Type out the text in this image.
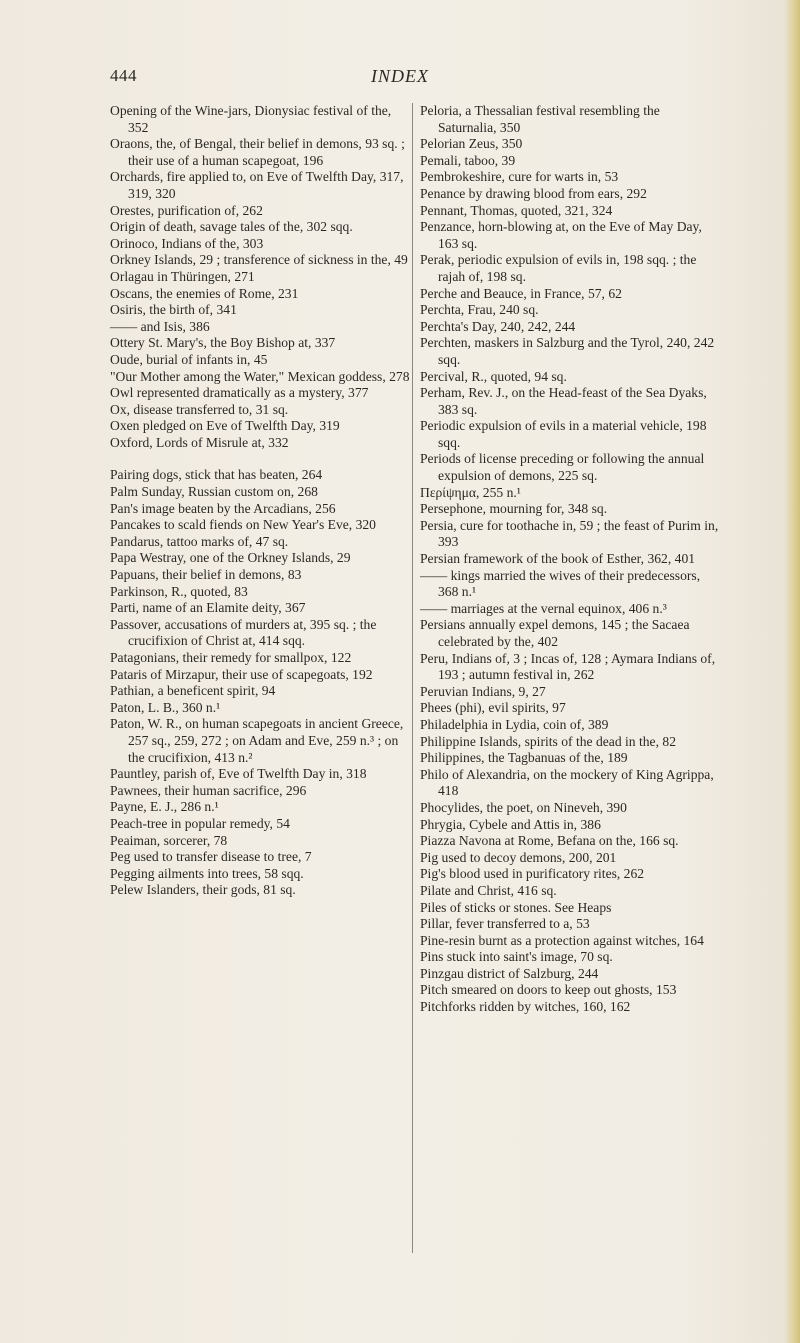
444	INDEX

Opening of the Wine-jars, Dionysiac festival of the, 352

Oraons, the, of Bengal, their belief in demons, 93 sq. ; their use of a human scapegoat, 196

Orchards, fire applied to, on Eve of Twelfth Day, 317, 319, 320

Orestes, purification of, 262

Origin of death, savage tales of the, 302 sqq.

Orinoco, Indians of the, 303

Orkney Islands, 29 ; transference of sickness in the, 49

Orlagau in Thüringen, 271

Oscans, the enemies of Rome, 231

Osiris, the birth of, 341

—— and Isis, 386

Ottery St. Mary's, the Boy Bishop at, 337

Oude, burial of infants in, 45

"Our Mother among the Water," Mexican goddess, 278

Owl represented dramatically as a mystery, 377

Ox, disease transferred to, 31 sq.

Oxen pledged on Eve of Twelfth Day, 319

Oxford, Lords of Misrule at, 332

Pairing dogs, stick that has beaten, 264

Palm Sunday, Russian custom on, 268

Pan's image beaten by the Arcadians, 256

Pancakes to scald fiends on New Year's Eve, 320

Pandarus, tattoo marks of, 47 sq.

Papa Westray, one of the Orkney Islands, 29

Papuans, their belief in demons, 83

Parkinson, R., quoted, 83

Parti, name of an Elamite deity, 367

Passover, accusations of murders at, 395 sq. ; the crucifixion of Christ at, 414 sqq.

Patagonians, their remedy for smallpox, 122

Pataris of Mirzapur, their use of scapegoats, 192

Pathian, a beneficent spirit, 94

Paton, L. B., 360 n.¹

Paton, W. R., on human scapegoats in ancient Greece, 257 sq., 259, 272 ; on Adam and Eve, 259 n.³ ; on the crucifixion, 413 n.²

Pauntley, parish of, Eve of Twelfth Day in, 318

Pawnees, their human sacrifice, 296

Payne, E. J., 286 n.¹

Peach-tree in popular remedy, 54

Peaiman, sorcerer, 78

Peg used to transfer disease to tree, 7

Pegging ailments into trees, 58 sqq.

Pelew Islanders, their gods, 81 sq.

Peloria, a Thessalian festival resembling the Saturnalia, 350

Pelorian Zeus, 350

Pemali, taboo, 39

Pembrokeshire, cure for warts in, 53

Penance by drawing blood from ears, 292

Pennant, Thomas, quoted, 321, 324

Penzance, horn-blowing at, on the Eve of May Day, 163 sq.

Perak, periodic expulsion of evils in, 198 sqq. ; the rajah of, 198 sq.

Perche and Beauce, in France, 57, 62

Perchta, Frau, 240 sq.

Perchta's Day, 240, 242, 244

Perchten, maskers in Salzburg and the Tyrol, 240, 242 sqq.

Percival, R., quoted, 94 sq.

Perham, Rev. J., on the Head-feast of the Sea Dyaks, 383 sq.

Periodic expulsion of evils in a material vehicle, 198 sqq.

Periods of license preceding or following the annual expulsion of demons, 225 sq.

Περίψημα, 255 n.¹

Persephone, mourning for, 348 sq.

Persia, cure for toothache in, 59 ; the feast of Purim in, 393

Persian framework of the book of Esther, 362, 401

—— kings married the wives of their predecessors, 368 n.¹

—— marriages at the vernal equinox, 406 n.³

Persians annually expel demons, 145 ; the Sacaea celebrated by the, 402

Peru, Indians of, 3 ; Incas of, 128 ; Aymara Indians of, 193 ; autumn festival in, 262

Peruvian Indians, 9, 27

Phees (phi), evil spirits, 97

Philadelphia in Lydia, coin of, 389

Philippine Islands, spirits of the dead in the, 82

Philippines, the Tagbanuas of the, 189

Philo of Alexandria, on the mockery of King Agrippa, 418

Phocylides, the poet, on Nineveh, 390

Phrygia, Cybele and Attis in, 386

Piazza Navona at Rome, Befana on the, 166 sq.

Pig used to decoy demons, 200, 201

Pig's blood used in purificatory rites, 262

Pilate and Christ, 416 sq.

Piles of sticks or stones. See Heaps

Pillar, fever transferred to a, 53

Pine-resin burnt as a protection against witches, 164

Pins stuck into saint's image, 70 sq.

Pinzgau district of Salzburg, 244

Pitch smeared on doors to keep out ghosts, 153

Pitchforks ridden by witches, 160, 162
